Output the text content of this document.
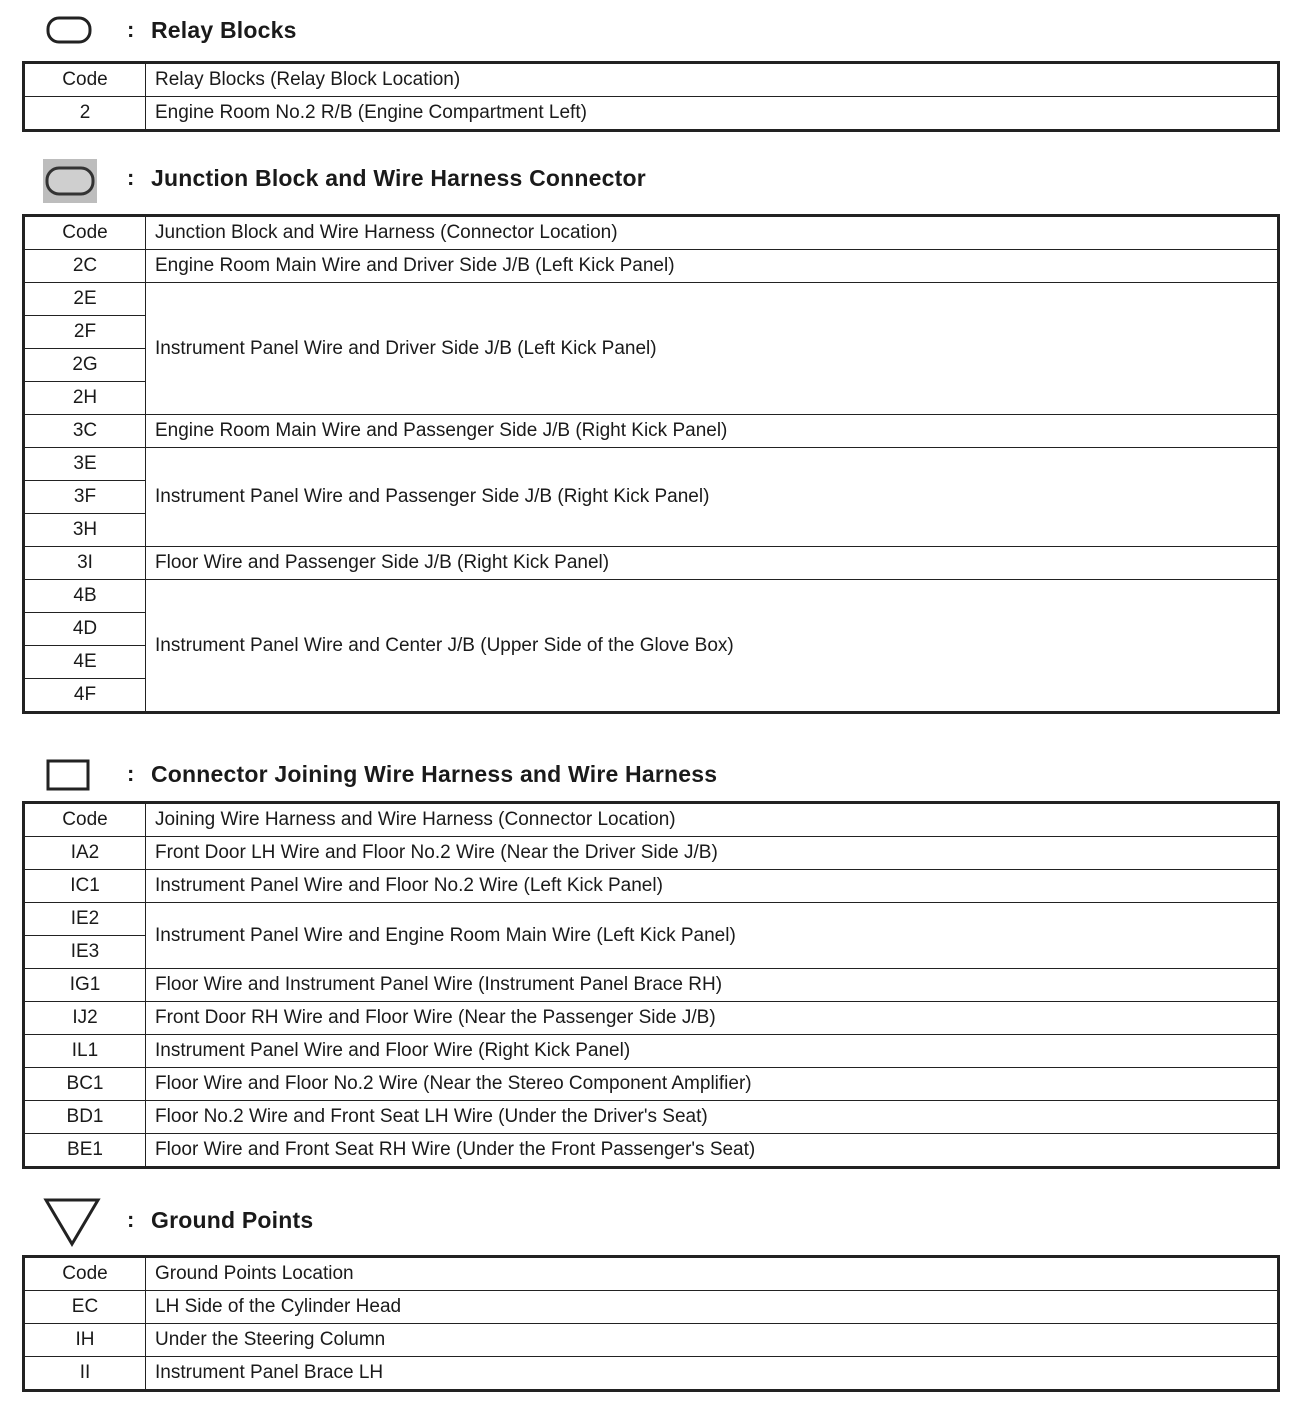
: Relay Blocks
Code	Relay Blocks (Relay Block Location)
2	Engine Room No.2 R/B (Engine Compartment Left)
: Junction Block and Wire Harness Connector
Code	Junction Block and Wire Harness (Connector Location)
2C	Engine Room Main Wire and Driver Side J/B (Left Kick Panel)
2E	Instrument Panel Wire and Driver Side J/B (Left Kick Panel)
2F	
2G	
2H	
3C	Engine Room Main Wire and Passenger Side J/B (Right Kick Panel)
3E	Instrument Panel Wire and Passenger Side J/B (Right Kick Panel)
3F	
3H	
3I	Floor Wire and Passenger Side J/B (Right Kick Panel)
4B	Instrument Panel Wire and Center J/B (Upper Side of the Glove Box)
4D	
4E	
4F	
: Connector Joining Wire Harness and Wire Harness
Code	Joining Wire Harness and Wire Harness (Connector Location)
IA2	Front Door LH Wire and Floor No.2 Wire (Near the Driver Side J/B)
IC1	Instrument Panel Wire and Floor No.2 Wire (Left Kick Panel)
IE2	Instrument Panel Wire and Engine Room Main Wire (Left Kick Panel)
IE3	
IG1	Floor Wire and Instrument Panel Wire (Instrument Panel Brace RH)
IJ2	Front Door RH Wire and Floor Wire (Near the Passenger Side J/B)
IL1	Instrument Panel Wire and Floor Wire (Right Kick Panel)
BC1	Floor Wire and Floor No.2 Wire (Near the Stereo Component Amplifier)
BD1	Floor No.2 Wire and Front Seat LH Wire (Under the Driver's Seat)
BE1	Floor Wire and Front Seat RH Wire (Under the Front Passenger's Seat)
: Ground Points
Code	Ground Points Location
EC	LH Side of the Cylinder Head
IH	Under the Steering Column
II	Instrument Panel Brace LH
